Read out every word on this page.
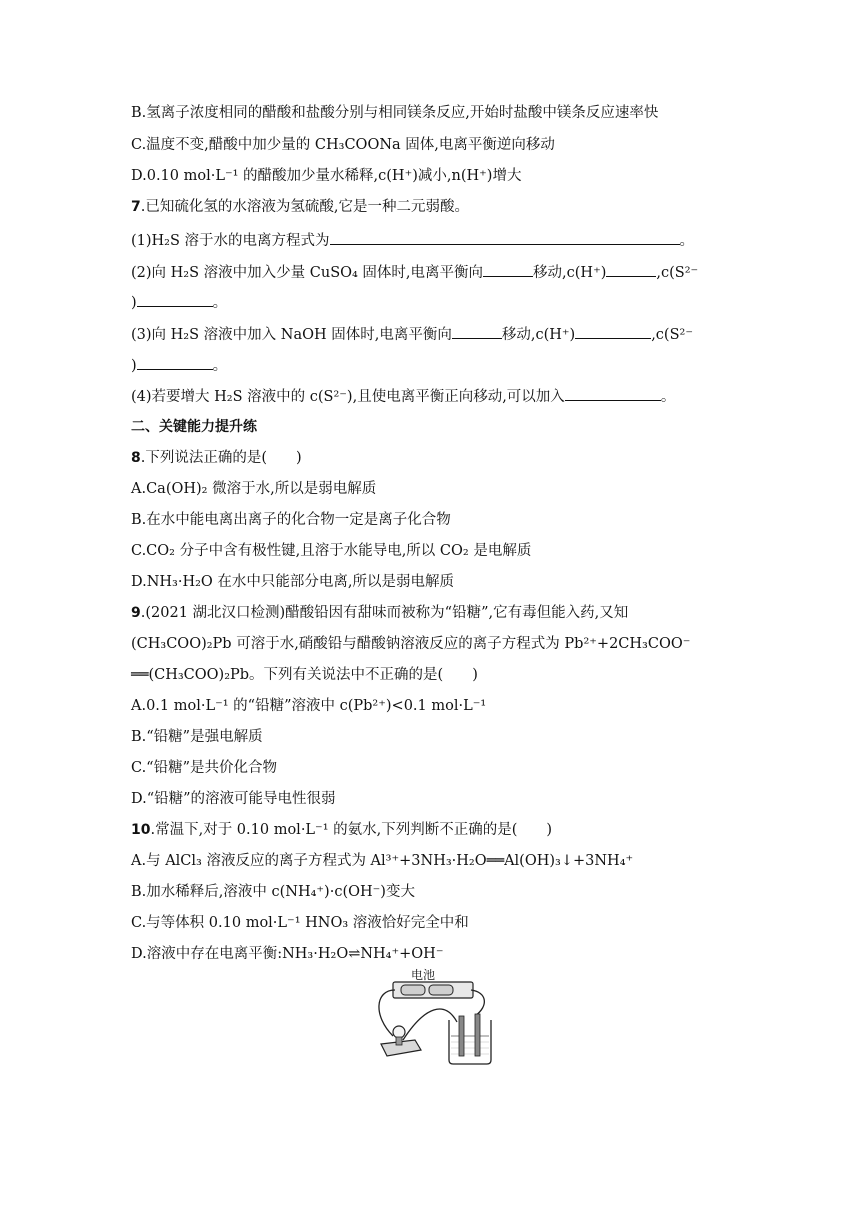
B.氢离子浓度相同的醋酸和盐酸分别与相同镁条反应,开始时盐酸中镁条反应速率快
C.温度不变,醋酸中加少量的 CH₃COONa 固体,电离平衡逆向移动
D.0.10 mol·L⁻¹ 的醋酸加少量水稀释,c(H⁺)减小,n(H⁺)增大
7.已知硫化氢的水溶液为氢硫酸,它是一种二元弱酸。
(1)H₂S 溶于水的电离方程式为	。
(2)向 H₂S 溶液中加入少量 CuSO₄ 固体时,电离平衡向	移动,c(H⁺)	,c(S²⁻
)	。
(3)向 H₂S 溶液中加入 NaOH 固体时,电离平衡向	移动,c(H⁺)	,c(S²⁻
)	。
(4)若要增大 H₂S 溶液中的 c(S²⁻),且使电离平衡正向移动,可以加入	。
二、关键能力提升练
8.下列说法正确的是(　　)
A.Ca(OH)₂ 微溶于水,所以是弱电解质
B.在水中能电离出离子的化合物一定是离子化合物
C.CO₂ 分子中含有极性键,且溶于水能导电,所以 CO₂ 是电解质
D.NH₃·H₂O 在水中只能部分电离,所以是弱电解质
9.(2021 湖北汉口检测)醋酸铅因有甜味而被称为“铅糖”,它有毒但能入药,又知
(CH₃COO)₂Pb 可溶于水,硝酸铅与醋酸钠溶液反应的离子方程式为 Pb²⁺+2CH₃COO⁻
══(CH₃COO)₂Pb。下列有关说法中不正确的是(　　)
A.0.1 mol·L⁻¹ 的“铅糖”溶液中 c(Pb²⁺)<0.1 mol·L⁻¹
B.“铅糖”是强电解质
C.“铅糖”是共价化合物
D.“铅糖”的溶液可能导电性很弱
10.常温下,对于 0.10 mol·L⁻¹ 的氨水,下列判断不正确的是(　　)
A.与 AlCl₃ 溶液反应的离子方程式为 Al³⁺+3NH₃·H₂O══Al(OH)₃↓+3NH₄⁺
B.加水稀释后,溶液中 c(NH₄⁺)·c(OH⁻)变大
C.与等体积 0.10 mol·L⁻¹ HNO₃ 溶液恰好完全中和
D.溶液中存在电离平衡:NH₃·H₂O⇌NH₄⁺+OH⁻
电池
